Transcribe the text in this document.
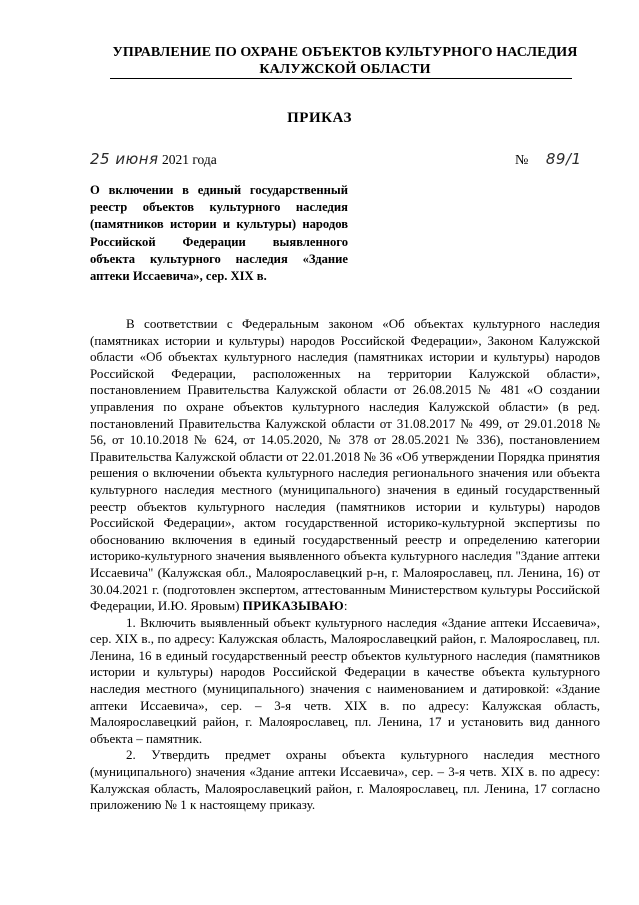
УПРАВЛЕНИЕ ПО ОХРАНЕ ОБЪЕКТОВ КУЛЬТУРНОГО НАСЛЕДИЯ
КАЛУЖСКОЙ ОБЛАСТИ
ПРИКАЗ
25 июня 2021 года	№ 89/1
О включении в единый государственный реестр объектов культурного наследия (памятников истории и культуры) народов Российской Федерации выявленного объекта культурного наследия «Здание аптеки Иссаевича», сер. XIX в.

В соответствии с Федеральным законом «Об объектах культурного наследия (памятниках истории и культуры) народов Российской Федерации», Законом Калужской области «Об объектах культурного наследия (памятниках истории и культуры) народов Российской Федерации, расположенных на территории Калужской области», постановлением Правительства Калужской области от 26.08.2015 № 481 «О создании управления по охране объектов культурного наследия Калужской области» (в ред. постановлений Правительства Калужской области от 31.08.2017 № 499, от 29.01.2018 № 56, от 10.10.2018 № 624, от 14.05.2020, № 378 от 28.05.2021 № 336), постановлением Правительства Калужской области от 22.01.2018 № 36 «Об утверждении Порядка принятия решения о включении объекта культурного наследия регионального значения или объекта культурного наследия местного (муниципального) значения в единый государственный реестр объектов культурного наследия (памятников истории и культуры) народов Российской Федерации», актом государственной историко-культурной экспертизы по обоснованию включения в единый государственный реестр и определению категории историко-культурного значения выявленного объекта культурного наследия "Здание аптеки Иссаевича" (Калужская обл., Малоярославецкий р-н, г. Малоярославец, пл. Ленина, 16) от 30.04.2021 г. (подготовлен экспертом, аттестованным Министерством культуры Российской Федерации, И.Ю. Яровым) ПРИКАЗЫВАЮ:

1. Включить выявленный объект культурного наследия «Здание аптеки Иссаевича», сер. XIX в., по адресу: Калужская область, Малоярославецкий район, г. Малоярославец, пл. Ленина, 16 в единый государственный реестр объектов культурного наследия (памятников истории и культуры) народов Российской Федерации в качестве объекта культурного наследия местного (муниципального) значения с наименованием и датировкой: «Здание аптеки Иссаевича», сер. – 3-я четв. XIX в. по адресу: Калужская область, Малоярославецкий район, г. Малоярославец, пл. Ленина, 17 и установить вид данного объекта – памятник.

2. Утвердить предмет охраны объекта культурного наследия местного (муниципального) значения «Здание аптеки Иссаевича», сер. – 3-я четв. XIX в. по адресу: Калужская область, Малоярославецкий район, г. Малоярославец, пл. Ленина, 17 согласно приложению № 1 к настоящему приказу.
